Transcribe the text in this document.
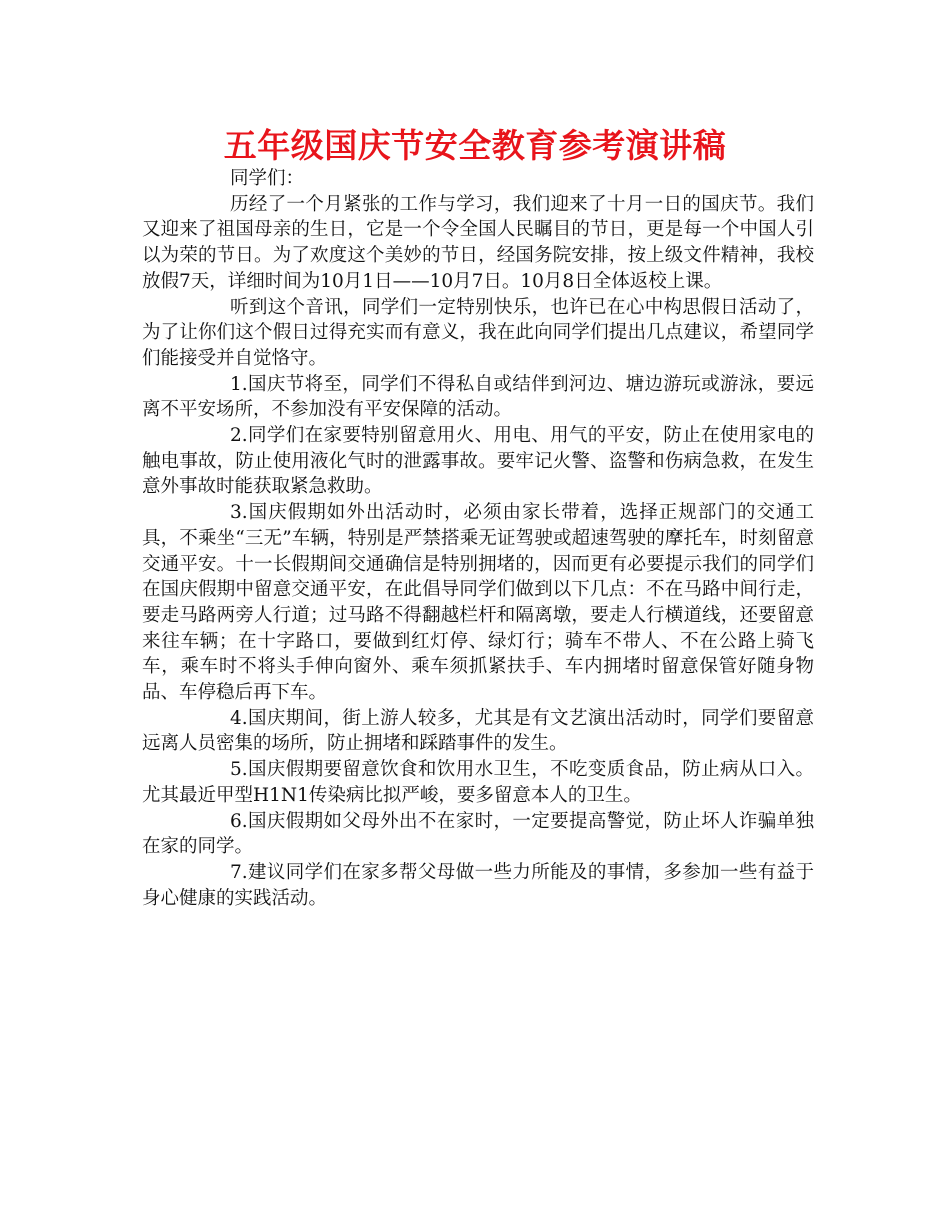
五年级国庆节安全教育参考演讲稿

同学们：

历经了一个月紧张的工作与学习，我们迎来了十月一日的国庆节。我们又迎来了祖国母亲的生日，它是一个令全国人民瞩目的节日，更是每一个中国人引以为荣的节日。为了欢度这个美妙的节日，经国务院安排，按上级文件精神，我校放假7天，详细时间为10月1日——10月7日。10月8日全体返校上课。

听到这个音讯，同学们一定特别快乐，也许已在心中构思假日活动了，为了让你们这个假日过得充实而有意义，我在此向同学们提出几点建议，希望同学们能接受并自觉恪守。

1.国庆节将至，同学们不得私自或结伴到河边、塘边游玩或游泳，要远离不平安场所，不参加没有平安保障的活动。

2.同学们在家要特别留意用火、用电、用气的平安，防止在使用家电的触电事故，防止使用液化气时的泄露事故。要牢记火警、盗警和伤病急救，在发生意外事故时能获取紧急救助。

3.国庆假期如外出活动时，必须由家长带着，选择正规部门的交通工具，不乘坐“三无”车辆，特别是严禁搭乘无证驾驶或超速驾驶的摩托车，时刻留意交通平安。十一长假期间交通确信是特别拥堵的，因而更有必要提示我们的同学们在国庆假期中留意交通平安，在此倡导同学们做到以下几点：不在马路中间行走，要走马路两旁人行道；过马路不得翻越栏杆和隔离墩，要走人行横道线，还要留意来往车辆；在十字路口，要做到红灯停、绿灯行；骑车不带人、不在公路上骑飞车，乘车时不将头手伸向窗外、乘车须抓紧扶手、车内拥堵时留意保管好随身物品、车停稳后再下车。

4.国庆期间，街上游人较多，尤其是有文艺演出活动时，同学们要留意远离人员密集的场所，防止拥堵和踩踏事件的发生。

5.国庆假期要留意饮食和饮用水卫生，不吃变质食品，防止病从口入。尤其最近甲型H1N1传染病比拟严峻，要多留意本人的卫生。

6.国庆假期如父母外出不在家时，一定要提高警觉，防止坏人诈骗单独在家的同学。

7.建议同学们在家多帮父母做一些力所能及的事情，多参加一些有益于身心健康的实践活动。
